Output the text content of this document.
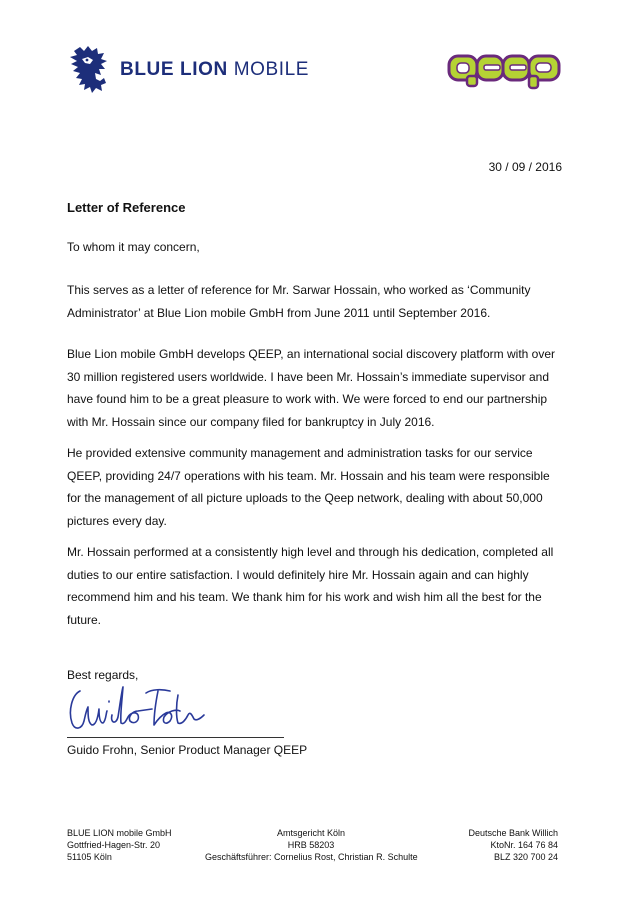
BLUE LION MOBILE
30 / 09 / 2016
Letter of Reference
To whom it may concern,
This serves as a letter of reference for Mr. Sarwar Hossain, who worked as ‘Community Administrator’ at Blue Lion mobile GmbH from June 2011 until September 2016.
Blue Lion mobile GmbH develops QEEP, an international social discovery platform with over 30 million registered users worldwide. I have been Mr. Hossain’s immediate supervisor and have found him to be a great pleasure to work with. We were forced to end our partnership with Mr. Hossain since our company filed for bankruptcy in July 2016.
He provided extensive community management and administration tasks for our service QEEP, providing 24/7 operations with his team. Mr. Hossain and his team were responsible for the management of all picture uploads to the Qeep network, dealing with about 50,000 pictures every day.
Mr. Hossain performed at a consistently high level and through his dedication, completed all duties to our entire satisfaction. I would definitely hire Mr. Hossain again and can highly recommend him and his team. We thank him for his work and wish him all the best for the future.
Best regards,
Guido Frohn, Senior Product Manager QEEP
BLUE LION mobile GmbH
Gottfried-Hagen-Str. 20
51105 Köln
Amtsgericht Köln
HRB 58203
Geschäftsführer: Cornelius Rost, Christian R. Schulte
Deutsche Bank Willich
KtoNr. 164 76 84
BLZ 320 700 24
